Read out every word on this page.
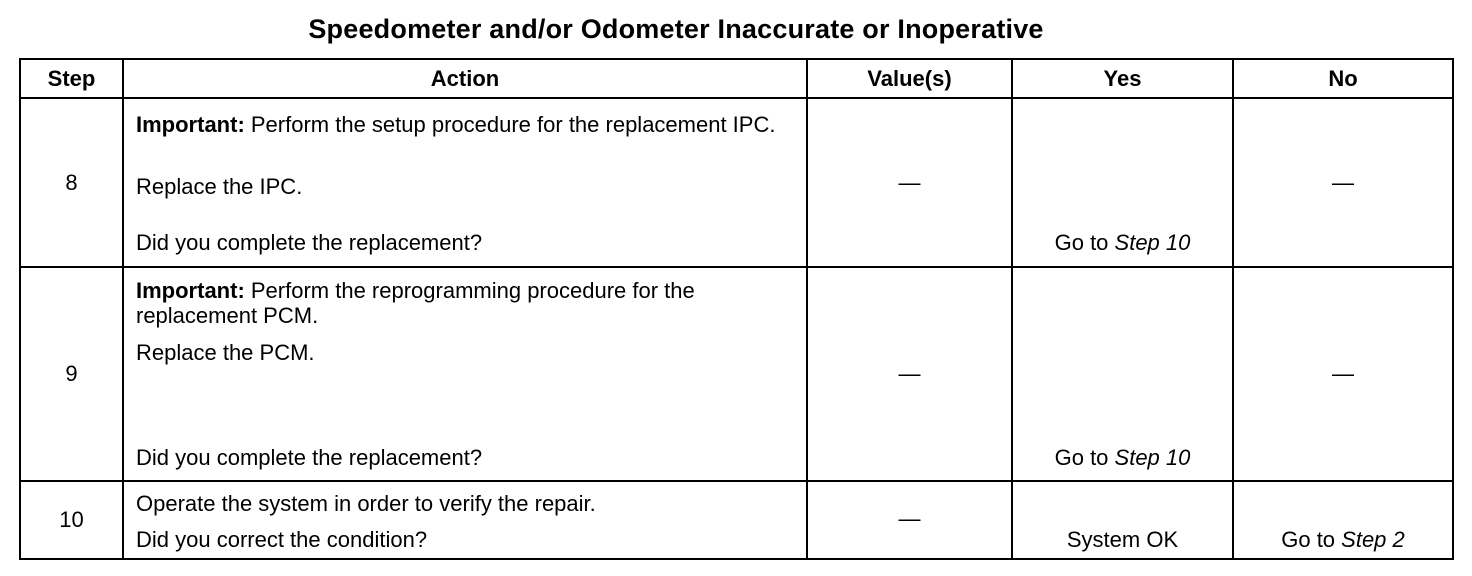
Speedometer and/or Odometer Inaccurate or Inoperative
Step	Action	Value(s)	Yes	No
8	Important: Perform the setup procedure for the replacement IPC.
Replace the IPC.
Did you complete the replacement?	—	Go to Step 10	—
9	Important: Perform the reprogramming procedure for the replacement PCM.
Replace the PCM.
Did you complete the replacement?	—	Go to Step 10	—
10	Operate the system in order to verify the repair.
Did you correct the condition?	—	System OK	Go to Step 2
